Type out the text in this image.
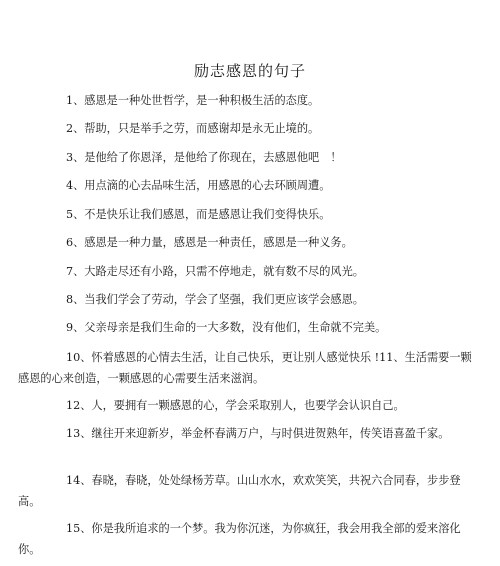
励志感恩的句子
1、感恩是一种处世哲学，是一种积极生活的态度。
2、帮助，只是举手之劳，而感谢却是永无止境的。
3、是他给了你恩泽，是他给了你现在，去感恩他吧　！
4、用点滴的心去品味生活，用感恩的心去环顾周遭。
5、不是快乐让我们感恩，而是感恩让我们变得快乐。
6、感恩是一种力量，感恩是一种责任，感恩是一种义务。
7、大路走尽还有小路，只需不停地走，就有数不尽的风光。
8、当我们学会了劳动，学会了坚强，我们更应该学会感恩。
9、父亲母亲是我们生命的一大多数，没有他们，生命就不完美。
10、怀着感恩的心情去生活，让自己快乐，更让别人感觉快乐 !11、生活需要一颗感恩的心来创造，一颗感恩的心需要生活来滋润。
12、人，要拥有一颗感恩的心，学会采取别人，也要学会认识自己。
13、继往开来迎新岁，举金杯春满万户，与时俱进贺熟年，传笑语喜盈千家。
14、春晓，春晓，处处绿杨芳草。山山水水，欢欢笑笑，共祝六合同春，步步登高。
15、你是我所追求的一个梦。我为你沉迷，为你疯狂，我会用我全部的爱来溶化你。
